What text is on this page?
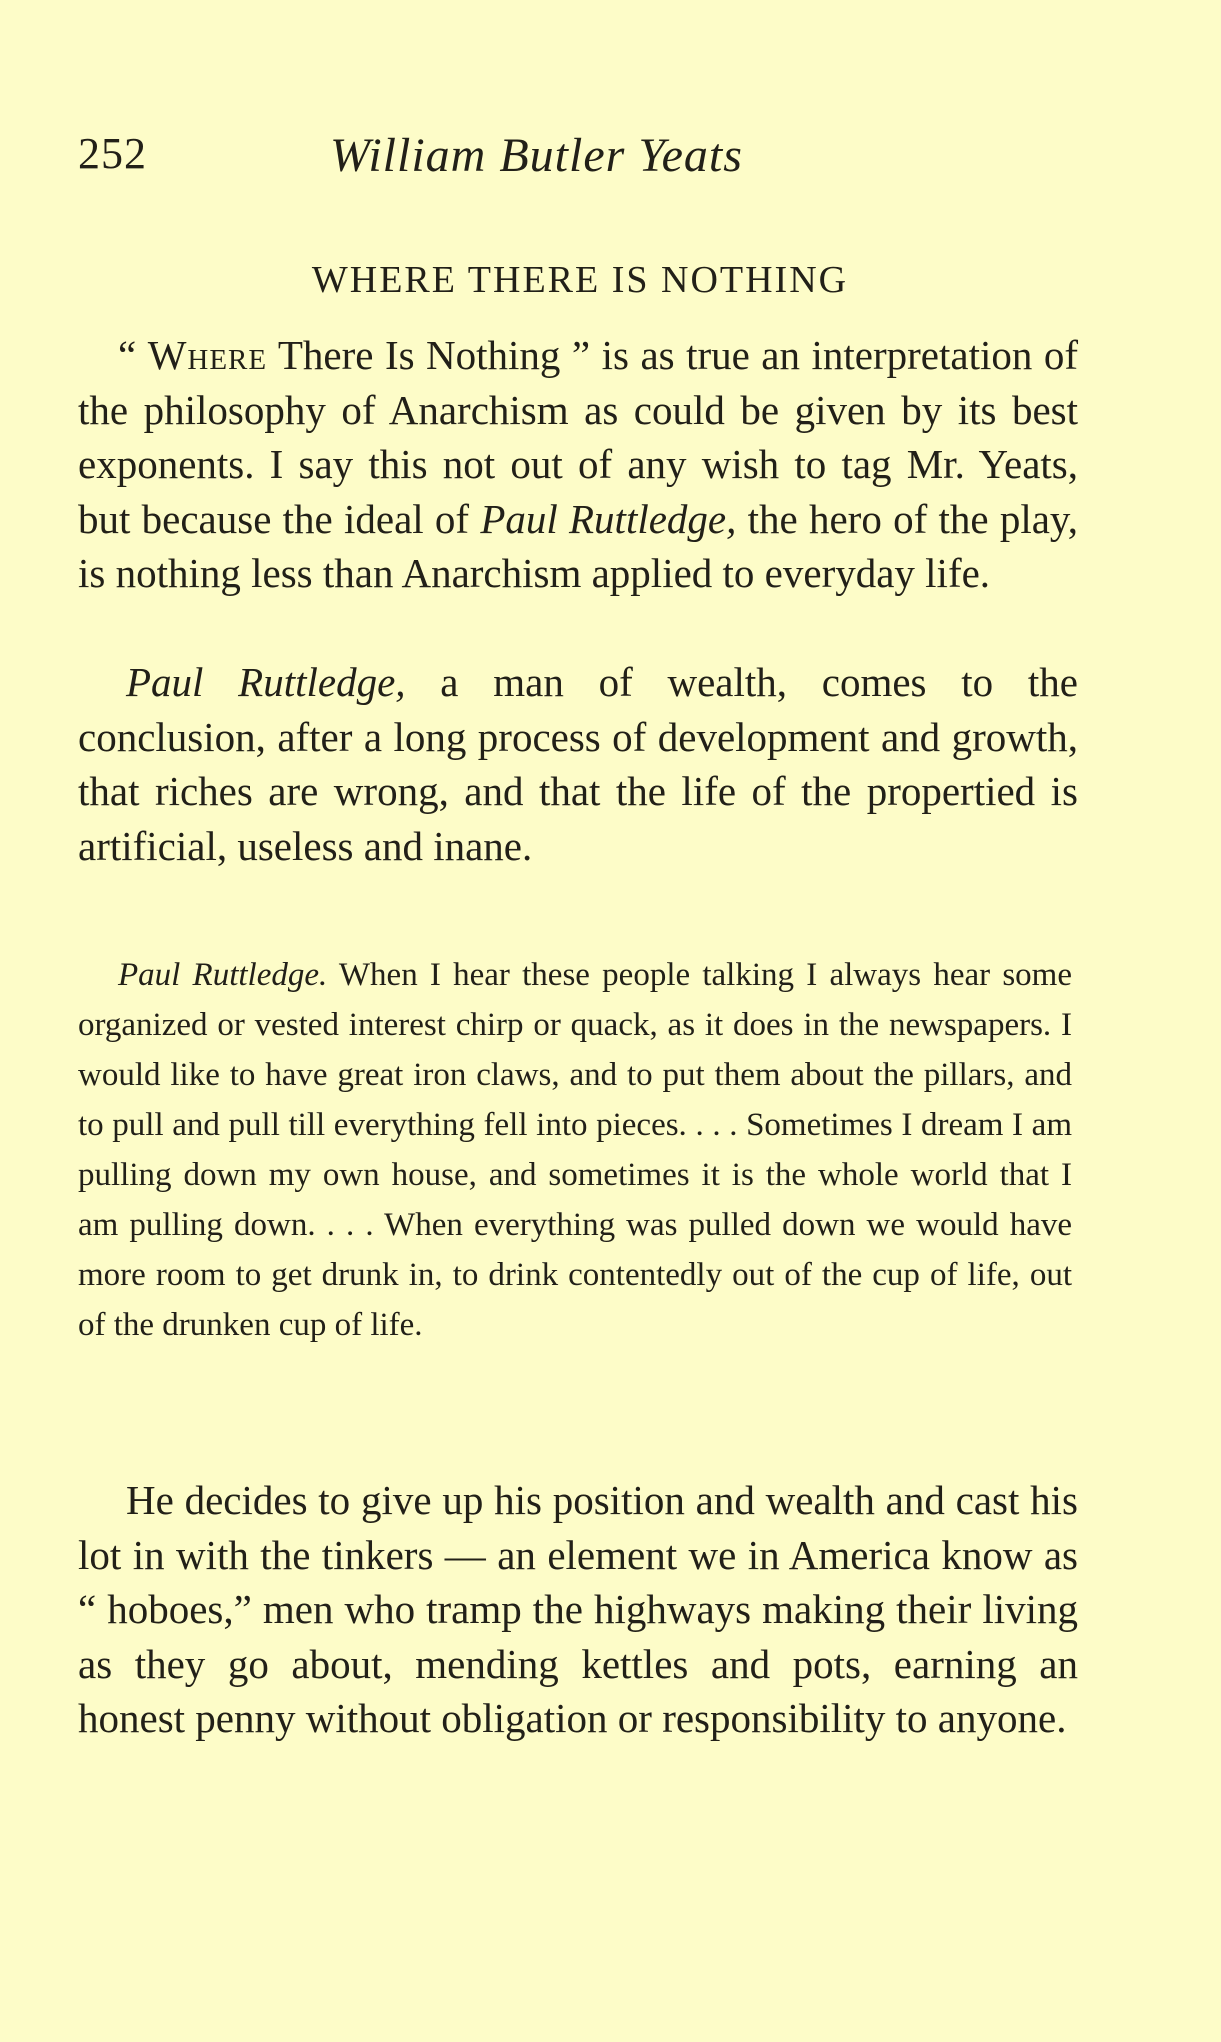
252	William Butler Yeats
WHERE THERE IS NOTHING

“ Where There Is Nothing ” is as true an interpretation of the philosophy of Anarchism as could be given by its best exponents. I say this not out of any wish to tag Mr. Yeats, but because the ideal of Paul Ruttledge, the hero of the play, is nothing less than Anarchism applied to everyday life.

Paul Ruttledge, a man of wealth, comes to the conclusion, after a long process of development and growth, that riches are wrong, and that the life of the propertied is artificial, useless and inane.

Paul Ruttledge. When I hear these people talking I always hear some organized or vested interest chirp or quack, as it does in the newspapers. I would like to have great iron claws, and to put them about the pillars, and to pull and pull till everything fell into pieces. . . . Sometimes I dream I am pulling down my own house, and sometimes it is the whole world that I am pulling down. . . . When everything was pulled down we would have more room to get drunk in, to drink contentedly out of the cup of life, out of the drunken cup of life.

He decides to give up his position and wealth and cast his lot in with the tinkers — an element we in America know as “ hoboes,” men who tramp the highways making their living as they go about, mending kettles and pots, earning an honest penny without obligation or responsibility to anyone.
